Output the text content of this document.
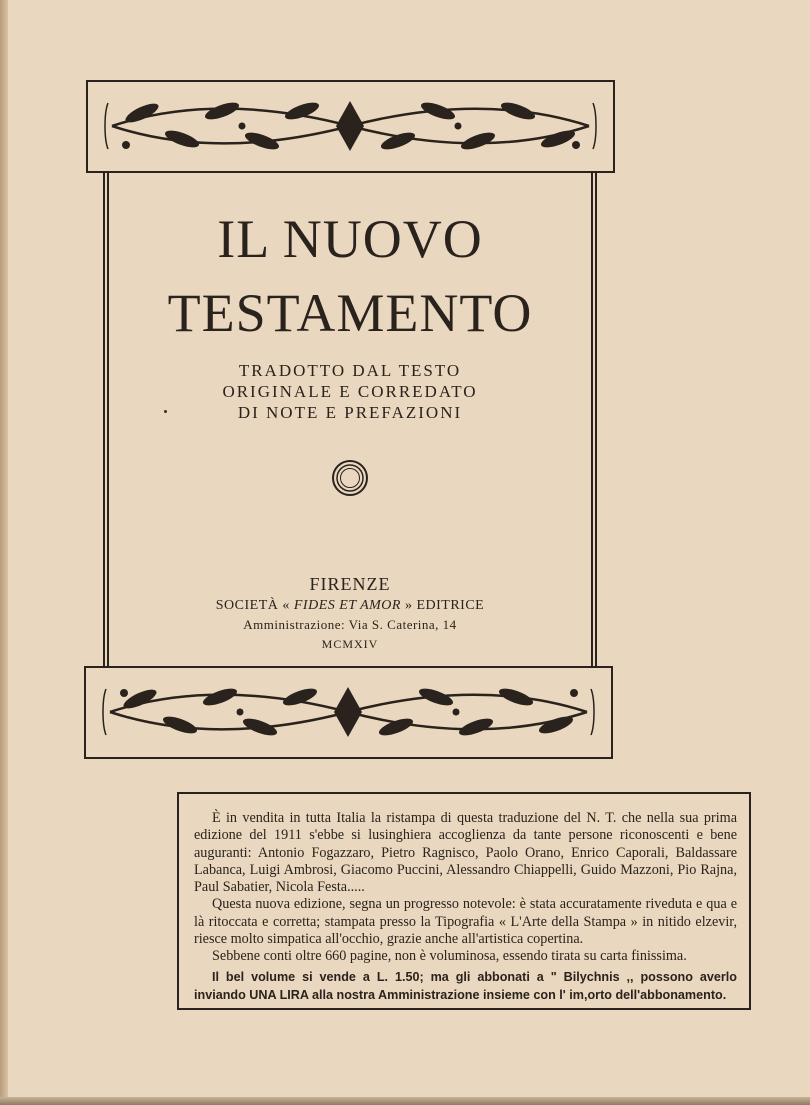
IL NUOVO
TESTAMENTO
TRADOTTO DAL TESTO
ORIGINALE E CORREDATO
DI NOTE E PREFAZIONI
FIRENZE
SOCIETÀ « FIDES ET AMOR » EDITRICE
Amministrazione: Via S. Caterina, 14
MCMXIV

È in vendita in tutta Italia la ristampa di questa traduzione del N. T. che nella sua prima edizione del 1911 s'ebbe si lusinghiera accoglienza da tante persone riconoscenti e bene auguranti: Antonio Fogazzaro, Pietro Ragnisco, Paolo Orano, Enrico Caporali, Baldassare Labanca, Luigi Ambrosi, Giacomo Puccini, Alessandro Chiappelli, Guido Mazzoni, Pio Rajna, Paul Sabatier, Nicola Festa.....

Questa nuova edizione, segna un progresso notevole: è stata accuratamente riveduta e qua e là ritoccata e corretta; stampata presso la Tipografia « L'Arte della Stampa » in nitido elzevir, riesce molto simpatica all'occhio, grazie anche all'artistica copertina.

Sebbene conti oltre 660 pagine, non è voluminosa, essendo tirata su carta finissima.

Il bel volume si vende a L. 1.50; ma gli abbonati a " Bilychnis ,, possono averlo inviando UNA LIRA alla nostra Amministrazione insieme con l' im,orto dell'abbonamento.
